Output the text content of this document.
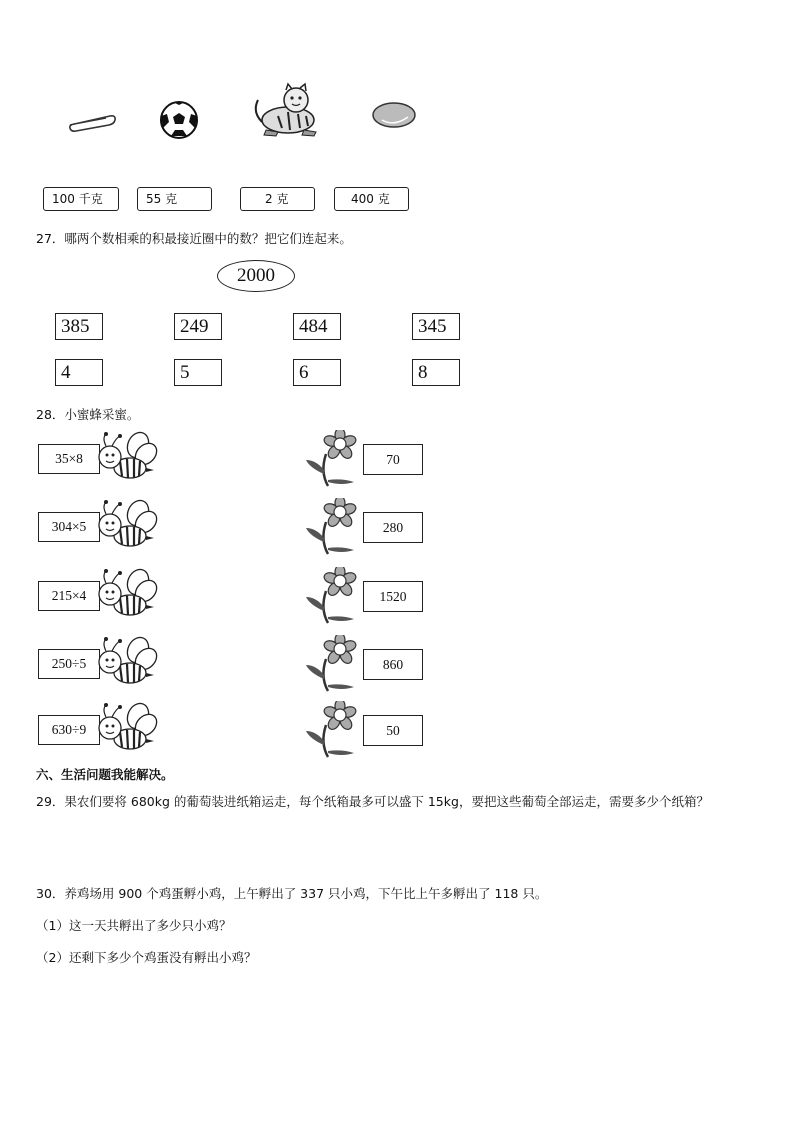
100 千克	55 克	2 克	400 克
27．哪两个数相乘的积最接近圈中的数？把它们连起来。
2000
385	249	484	345
4	5	6	8
28．小蜜蜂采蜜。
35×8	70
304×5	280
215×4	1520
250÷5	860
630÷9	50
六、生活问题我能解决。
29．果农们要将 680kg 的葡萄装进纸箱运走，每个纸箱最多可以盛下 15kg，要把这些葡萄全部运走，需要多少个纸箱？
30．养鸡场用 900 个鸡蛋孵小鸡，上午孵出了 337 只小鸡，下午比上午多孵出了 118 只。
（1）这一天共孵出了多少只小鸡？
（2）还剩下多少个鸡蛋没有孵出小鸡？
